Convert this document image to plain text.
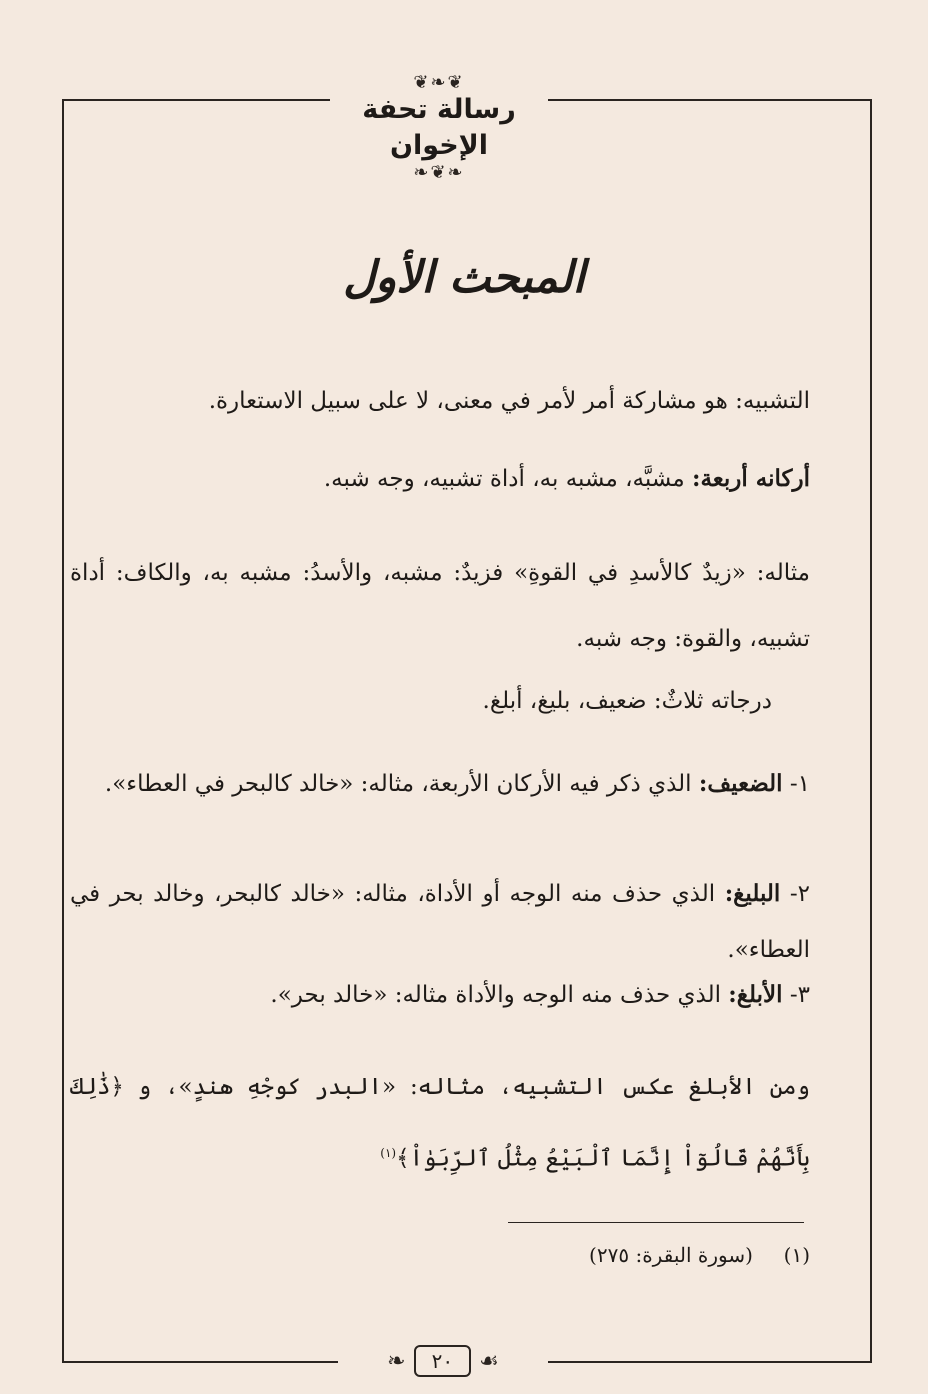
❦❧❦
رسالة تحفة الإخوان
❧❦❧
المبحث الأول
التشبيه: هو مشاركة أمر لأمر في معنى، لا على سبيل الاستعارة.
أركانه أربعة: مشبَّه، مشبه به، أداة تشبيه، وجه شبه.
مثاله: «زيدٌ كالأسدِ في القوةِ» فزيدٌ: مشبه، والأسدُ: مشبه به، والكاف: أداة تشبيه، والقوة: وجه شبه.
درجاته ثلاثٌ: ضعيف، بليغ، أبلغ.
١- الضعيف: الذي ذكر فيه الأركان الأربعة، مثاله: «خالد كالبحر في العطاء».
٢- البليغ: الذي حذف منه الوجه أو الأداة، مثاله: «خالد كالبحر، وخالد بحر في العطاء».
٣- الأبلغ: الذي حذف منه الوجه والأداة مثاله: «خالد بحر».
ومن الأبلغ عكس التشبيه، مثاله: «البدر كوجْهِ هندٍ»، و ﴿ذَٰلِكَ بِأَنَّهُمْ قَالُوٓاْ إِنَّمَا ٱلْبَيْعُ مِثْلُ ٱلرِّبَوٰاْ﴾$^{(١)}$
(١)  (سورة البقرة: ٢٧٥)
❧	٢٠	☙
